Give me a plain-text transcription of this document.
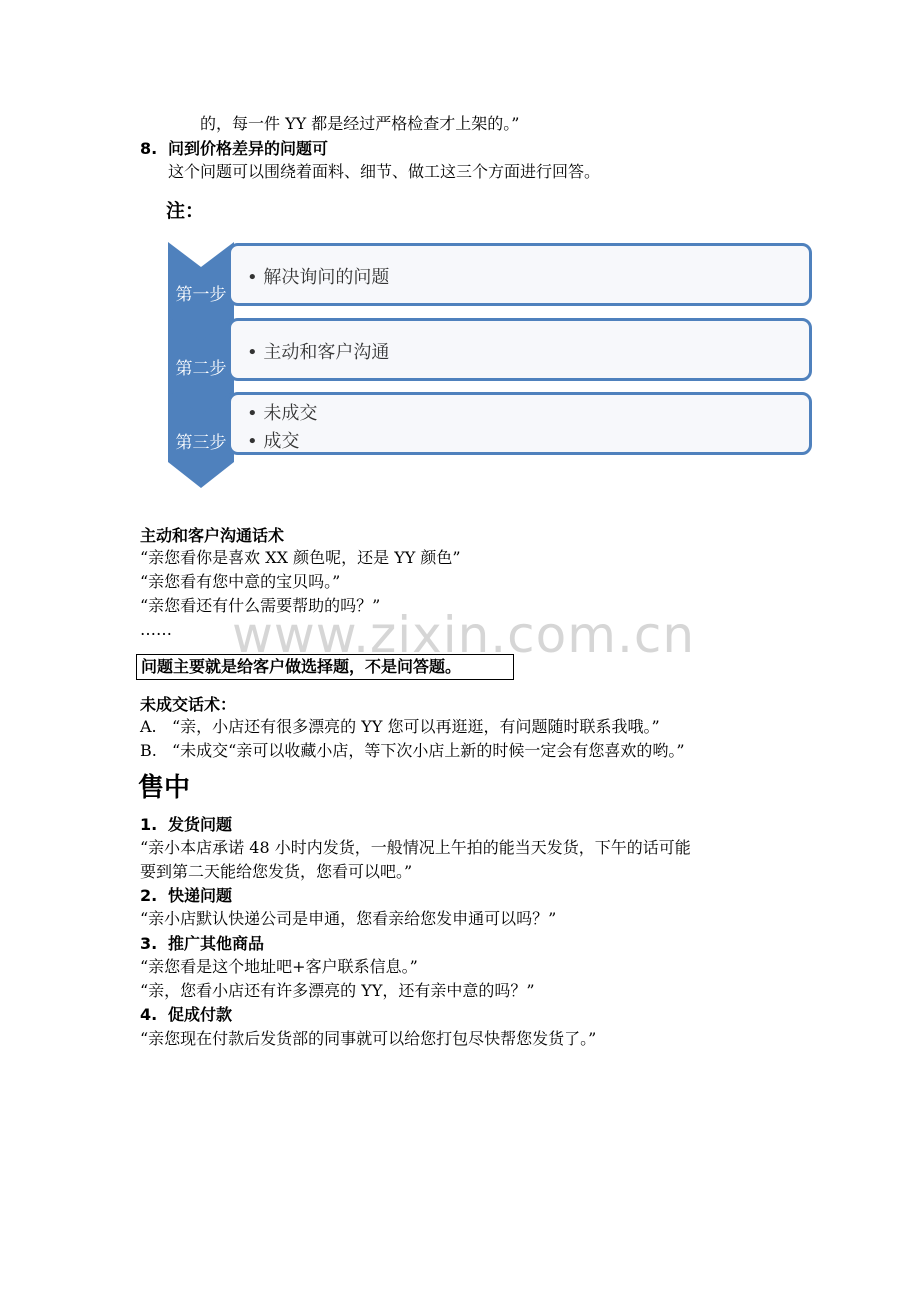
的，每一件 YY 都是经过严格检查才上架的。”
8. 问到价格差异的问题可
这个问题可以围绕着面料、细节、做工这三个方面进行回答。
注：
• 解决询问的问题
• 主动和客户沟通
• 未成交
• 成交
第一步
第二步
第三步
www.zixin.com.cn
主动和客户沟通话术
“亲您看你是喜欢 XX 颜色呢，还是 YY 颜色”
“亲您看有您中意的宝贝吗。”
“亲您看还有什么需要帮助的吗？”
……
问题主要就是给客户做选择题，不是问答题。
未成交话术：
A. “亲，小店还有很多漂亮的 YY 您可以再逛逛，有问题随时联系我哦。”
B. “未成交“亲可以收藏小店，等下次小店上新的时候一定会有您喜欢的哟。”
售中
1. 发货问题
“亲小本店承诺 48 小时内发货，一般情况上午拍的能当天发货，下午的话可能
要到第二天能给您发货，您看可以吧。”
2. 快递问题
“亲小店默认快递公司是申通，您看亲给您发申通可以吗？”
3. 推广其他商品
“亲您看是这个地址吧+客户联系信息。”
“亲，您看小店还有许多漂亮的 YY，还有亲中意的吗？”
4. 促成付款
“亲您现在付款后发货部的同事就可以给您打包尽快帮您发货了。”
